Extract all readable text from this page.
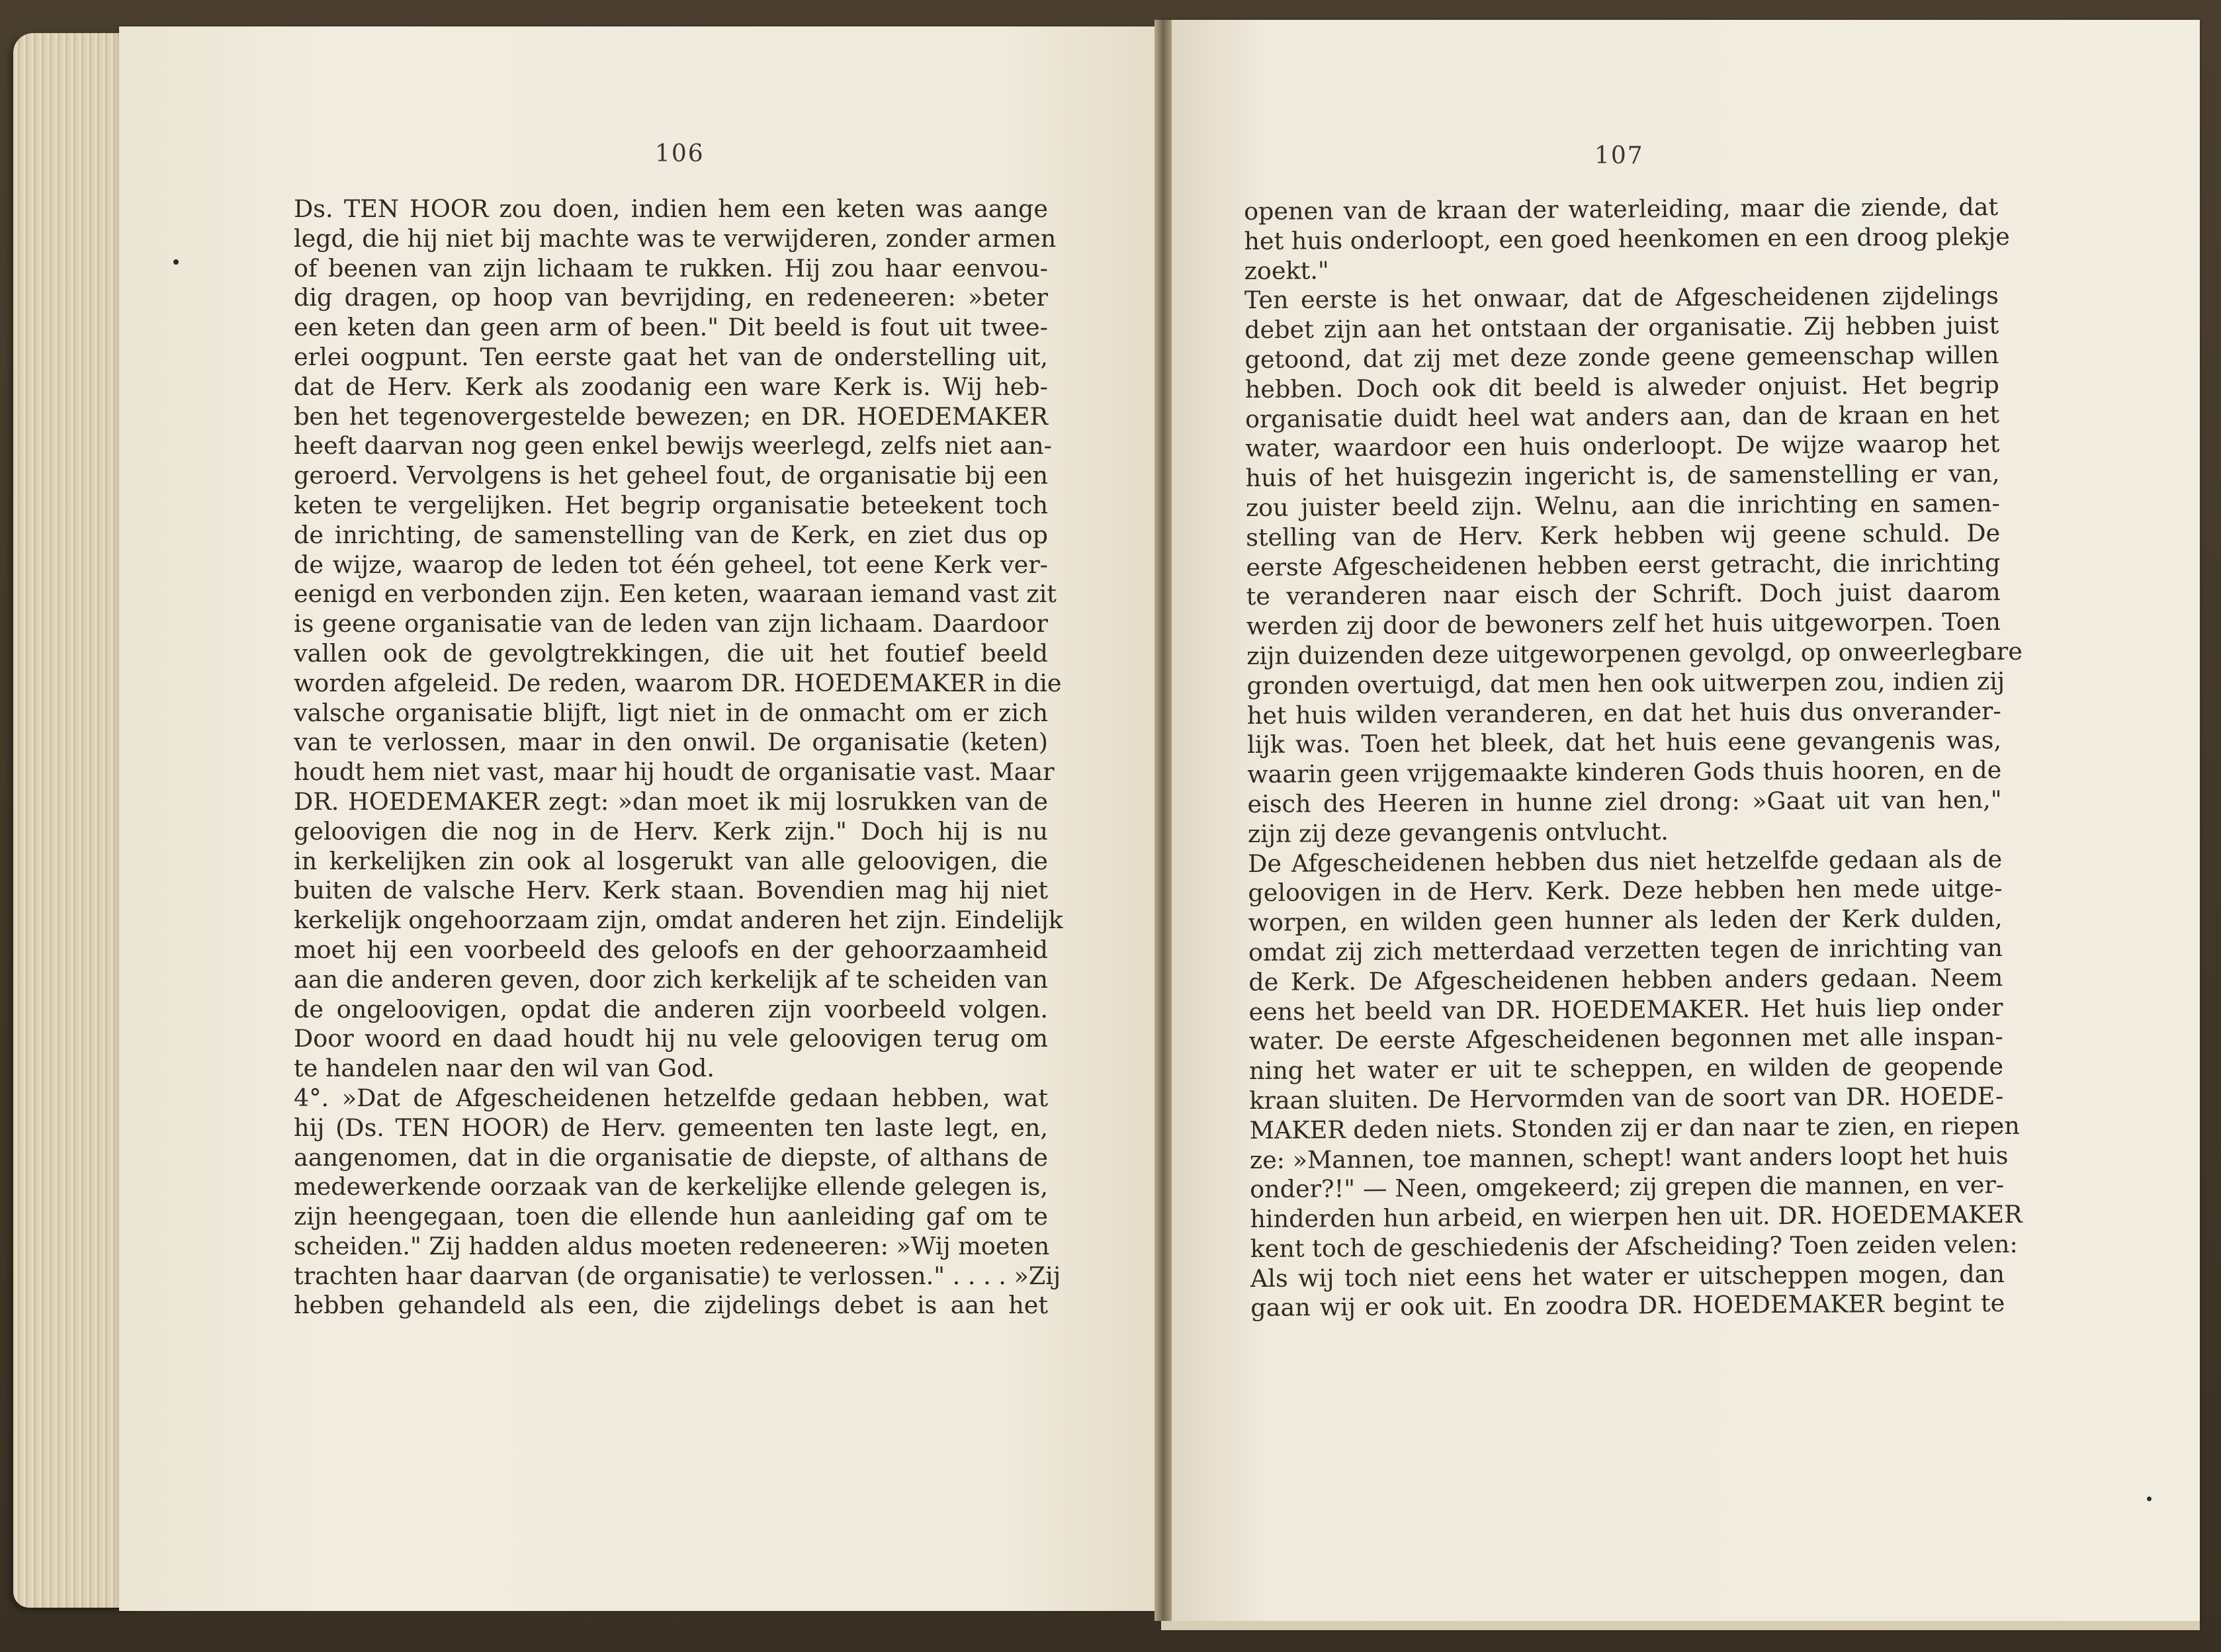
106	107
Ds. TEN HOOR zou doen, indien hem een keten was aange
legd, die hij niet bij machte was te verwijderen, zonder armen
of beenen van zijn lichaam te rukken. Hij zou haar eenvou-
dig dragen, op hoop van bevrijding, en redeneeren: »beter
een keten dan geen arm of been." Dit beeld is fout uit twee-
erlei oogpunt. Ten eerste gaat het van de onderstelling uit,
dat de Herv. Kerk als zoodanig een ware Kerk is. Wij heb-
ben het tegenovergestelde bewezen; en DR. HOEDEMAKER
heeft daarvan nog geen enkel bewijs weerlegd, zelfs niet aan-
geroerd. Vervolgens is het geheel fout, de organisatie bij een
keten te vergelijken. Het begrip organisatie beteekent toch
de inrichting, de samenstelling van de Kerk, en ziet dus op
de wijze, waarop de leden tot één geheel, tot eene Kerk ver-
eenigd en verbonden zijn. Een keten, waaraan iemand vast zit
is geene organisatie van de leden van zijn lichaam. Daardoor
vallen ook de gevolgtrekkingen, die uit het foutief beeld
worden afgeleid. De reden, waarom DR. HOEDEMAKER in die
valsche organisatie blijft, ligt niet in de onmacht om er zich
van te verlossen, maar in den onwil. De organisatie (keten)
houdt hem niet vast, maar hij houdt de organisatie vast. Maar
DR. HOEDEMAKER zegt: »dan moet ik mij losrukken van de
geloovigen die nog in de Herv. Kerk zijn." Doch hij is nu
in kerkelijken zin ook al losgerukt van alle geloovigen, die
buiten de valsche Herv. Kerk staan. Bovendien mag hij niet
kerkelijk ongehoorzaam zijn, omdat anderen het zijn. Eindelijk
moet hij een voorbeeld des geloofs en der gehoorzaamheid
aan die anderen geven, door zich kerkelijk af te scheiden van
de ongeloovigen, opdat die anderen zijn voorbeeld volgen.
Door woord en daad houdt hij nu vele geloovigen terug om
te handelen naar den wil van God.
4°. »Dat de Afgescheidenen hetzelfde gedaan hebben, wat
hij (Ds. TEN HOOR) de Herv. gemeenten ten laste legt, en,
aangenomen, dat in die organisatie de diepste, of althans de
medewerkende oorzaak van de kerkelijke ellende gelegen is,
zijn heengegaan, toen die ellende hun aanleiding gaf om te
scheiden." Zij hadden aldus moeten redeneeren: »Wij moeten
trachten haar daarvan (de organisatie) te verlossen." . . . . »Zij
hebben gehandeld als een, die zijdelings debet is aan het
openen van de kraan der waterleiding, maar die ziende, dat
het huis onderloopt, een goed heenkomen en een droog plekje
zoekt."
Ten eerste is het onwaar, dat de Afgescheidenen zijdelings
debet zijn aan het ontstaan der organisatie. Zij hebben juist
getoond, dat zij met deze zonde geene gemeenschap willen
hebben. Doch ook dit beeld is alweder onjuist. Het begrip
organisatie duidt heel wat anders aan, dan de kraan en het
water, waardoor een huis onderloopt. De wijze waarop het
huis of het huisgezin ingericht is, de samenstelling er van,
zou juister beeld zijn. Welnu, aan die inrichting en samen-
stelling van de Herv. Kerk hebben wij geene schuld. De
eerste Afgescheidenen hebben eerst getracht, die inrichting
te veranderen naar eisch der Schrift. Doch juist daarom
werden zij door de bewoners zelf het huis uitgeworpen. Toen
zijn duizenden deze uitgeworpenen gevolgd, op onweerlegbare
gronden overtuigd, dat men hen ook uitwerpen zou, indien zij
het huis wilden veranderen, en dat het huis dus onverander-
lijk was. Toen het bleek, dat het huis eene gevangenis was,
waarin geen vrijgemaakte kinderen Gods thuis hooren, en de
eisch des Heeren in hunne ziel drong: »Gaat uit van hen,"
zijn zij deze gevangenis ontvlucht.
De Afgescheidenen hebben dus niet hetzelfde gedaan als de
geloovigen in de Herv. Kerk. Deze hebben hen mede uitge-
worpen, en wilden geen hunner als leden der Kerk dulden,
omdat zij zich metterdaad verzetten tegen de inrichting van
de Kerk. De Afgescheidenen hebben anders gedaan. Neem
eens het beeld van DR. HOEDEMAKER. Het huis liep onder
water. De eerste Afgescheidenen begonnen met alle inspan-
ning het water er uit te scheppen, en wilden de geopende
kraan sluiten. De Hervormden van de soort van DR. HOEDE-
MAKER deden niets. Stonden zij er dan naar te zien, en riepen
ze: »Mannen, toe mannen, schept! want anders loopt het huis
onder?!" — Neen, omgekeerd; zij grepen die mannen, en ver-
hinderden hun arbeid, en wierpen hen uit. DR. HOEDEMAKER
kent toch de geschiedenis der Afscheiding? Toen zeiden velen:
Als wij toch niet eens het water er uitscheppen mogen, dan
gaan wij er ook uit. En zoodra DR. HOEDEMAKER begint te
